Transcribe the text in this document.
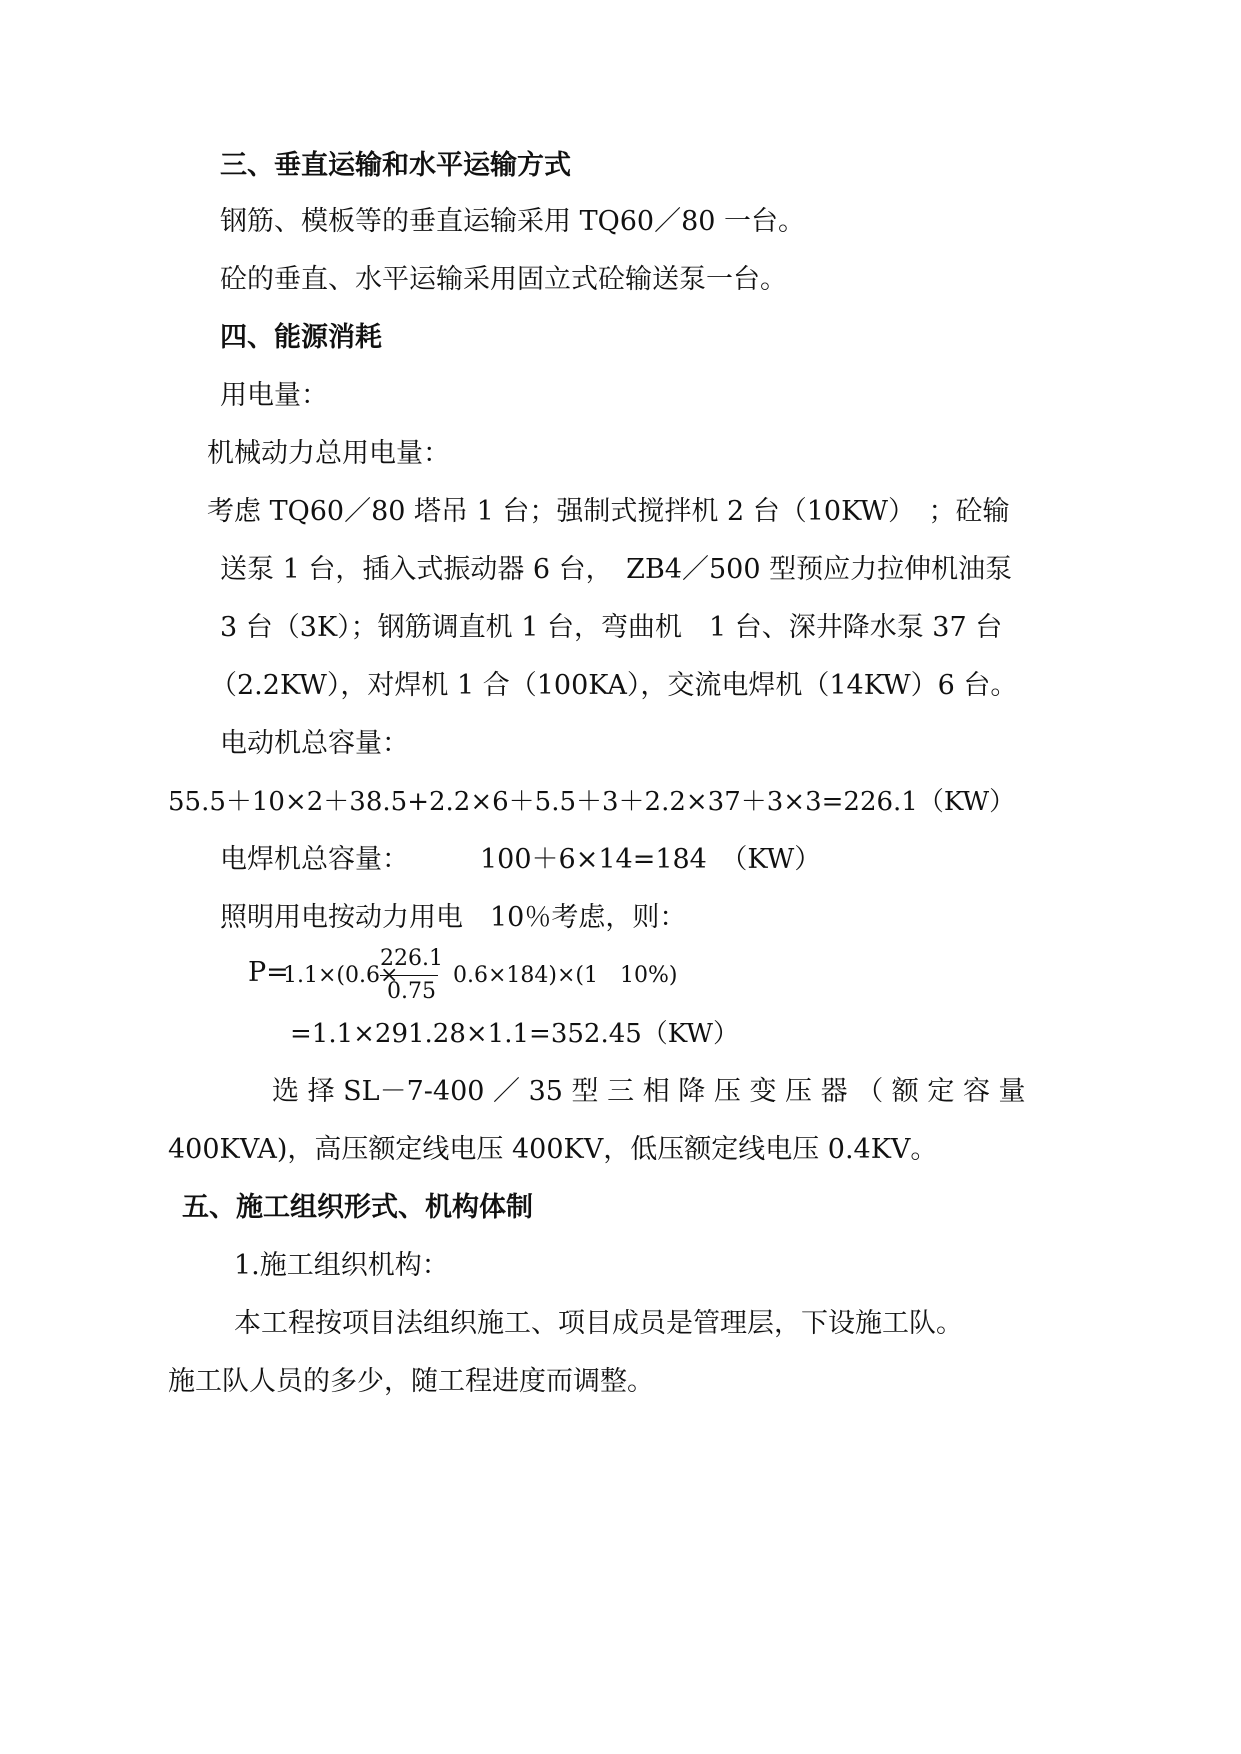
三、垂直运输和水平运输方式
钢筋、模板等的垂直运输采用 TQ60／80 一台。
砼的垂直、水平运输采用固立式砼输送泵一台。
四、能源消耗
用电量：
机械动力总用电量：
考虑 TQ60／80 塔吊 1 台；强制式搅拌机 2 台（10KW）　；砼输
送泵 1 台，插入式振动器 6 台，　ZB4／500 型预应力拉伸机油泵
3 台（3K）；钢筋调直机 1 台，弯曲机　1 台、深井降水泵 37 台
（2.2KW），对焊机 1 合（100KA），交流电焊机（14KW）6 台。
电动机总容量：
55.5＋10×2＋38.5+2.2×6＋5.5＋3＋2.2×37＋3×3=226.1（KW）
电焊机总容量：	100＋6×14=184　（KW）
照明用电按动力用电　10％考虑，则：
P=
1.1×(0.6×
226.1
0.75
0.6×184)×(1　10%)
=1.1×291.28×1.1=352.45（KW）
选 择 SL－7-400 ／ 35 型 三 相 降 压 变 压 器 （ 额 定 容 量
400KVA)，高压额定线电压 400KV，低压额定线电压 0.4KV。
五、施工组织形式、机构体制
1.施工组织机构：
本工程按项目法组织施工、项目成员是管理层，下设施工队。
施工队人员的多少，随工程进度而调整。
